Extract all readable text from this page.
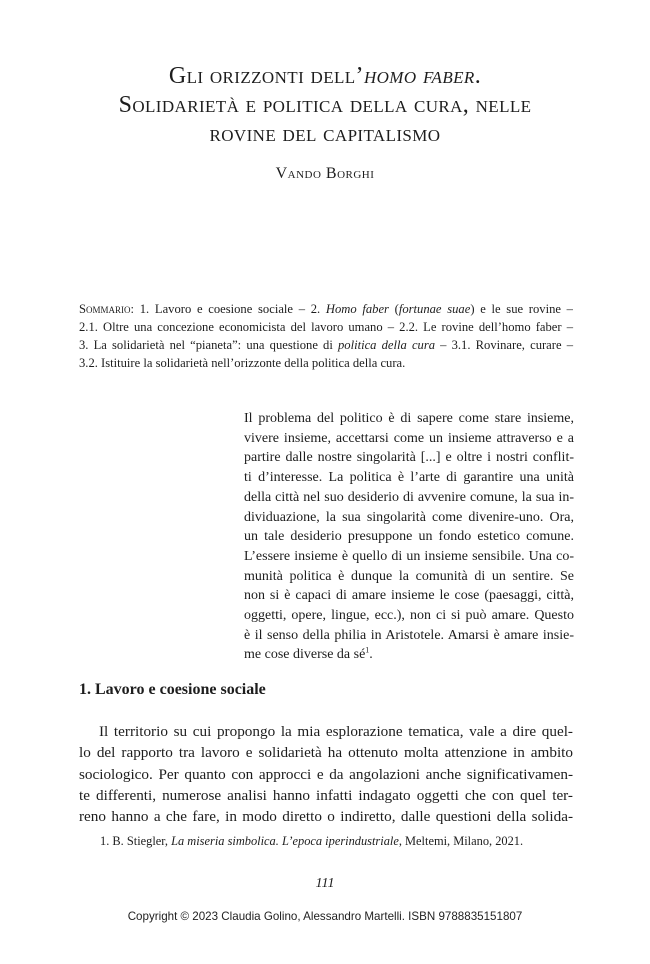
Gli orizzonti dell’homo faber.
Solidarietà e politica della cura, nelle
rovine del capitalismo
Vando Borghi
Sommario: 1. Lavoro e coesione sociale – 2. Homo faber (fortunae suae) e le sue rovine –
2.1. Oltre una concezione economicista del lavoro umano – 2.2. Le rovine dell’homo faber –
3. La solidarietà nel “pianeta”: una questione di politica della cura – 3.1. Rovinare, curare –
3.2. Istituire la solidarietà nell’orizzonte della politica della cura.
Il problema del politico è di sapere come stare insieme,
vivere insieme, accettarsi come un insieme attraverso e a
partire dalle nostre singolarità [...] e oltre i nostri conflit-
ti d’interesse. La politica è l’arte di garantire una unità
della città nel suo desiderio di avvenire comune, la sua in-
dividuazione, la sua singolarità come divenire-uno. Ora,
un tale desiderio presuppone un fondo estetico comune.
L’essere insieme è quello di un insieme sensibile. Una co-
munità politica è dunque la comunità di un sentire. Se
non si è capaci di amare insieme le cose (paesaggi, città,
oggetti, opere, lingue, ecc.), non ci si può amare. Questo
è il senso della philia in Aristotele. Amarsi è amare insie-
me cose diverse da $sé^1$.
1. Lavoro e coesione sociale
Il territorio su cui propongo la mia esplorazione tematica, vale a dire quel-
lo del rapporto tra lavoro e solidarietà ha ottenuto molta attenzione in ambito
sociologico. Per quanto con approcci e da angolazioni anche significativamen-
te differenti, numerose analisi hanno infatti indagato oggetti che con quel ter-
reno hanno a che fare, in modo diretto o indiretto, dalle questioni della solida-
1. B. Stiegler, La miseria simbolica. L’epoca iperindustriale, Meltemi, Milano, 2021.
111
Copyright © 2023 Claudia Golino, Alessandro Martelli. ISBN 9788835151807
